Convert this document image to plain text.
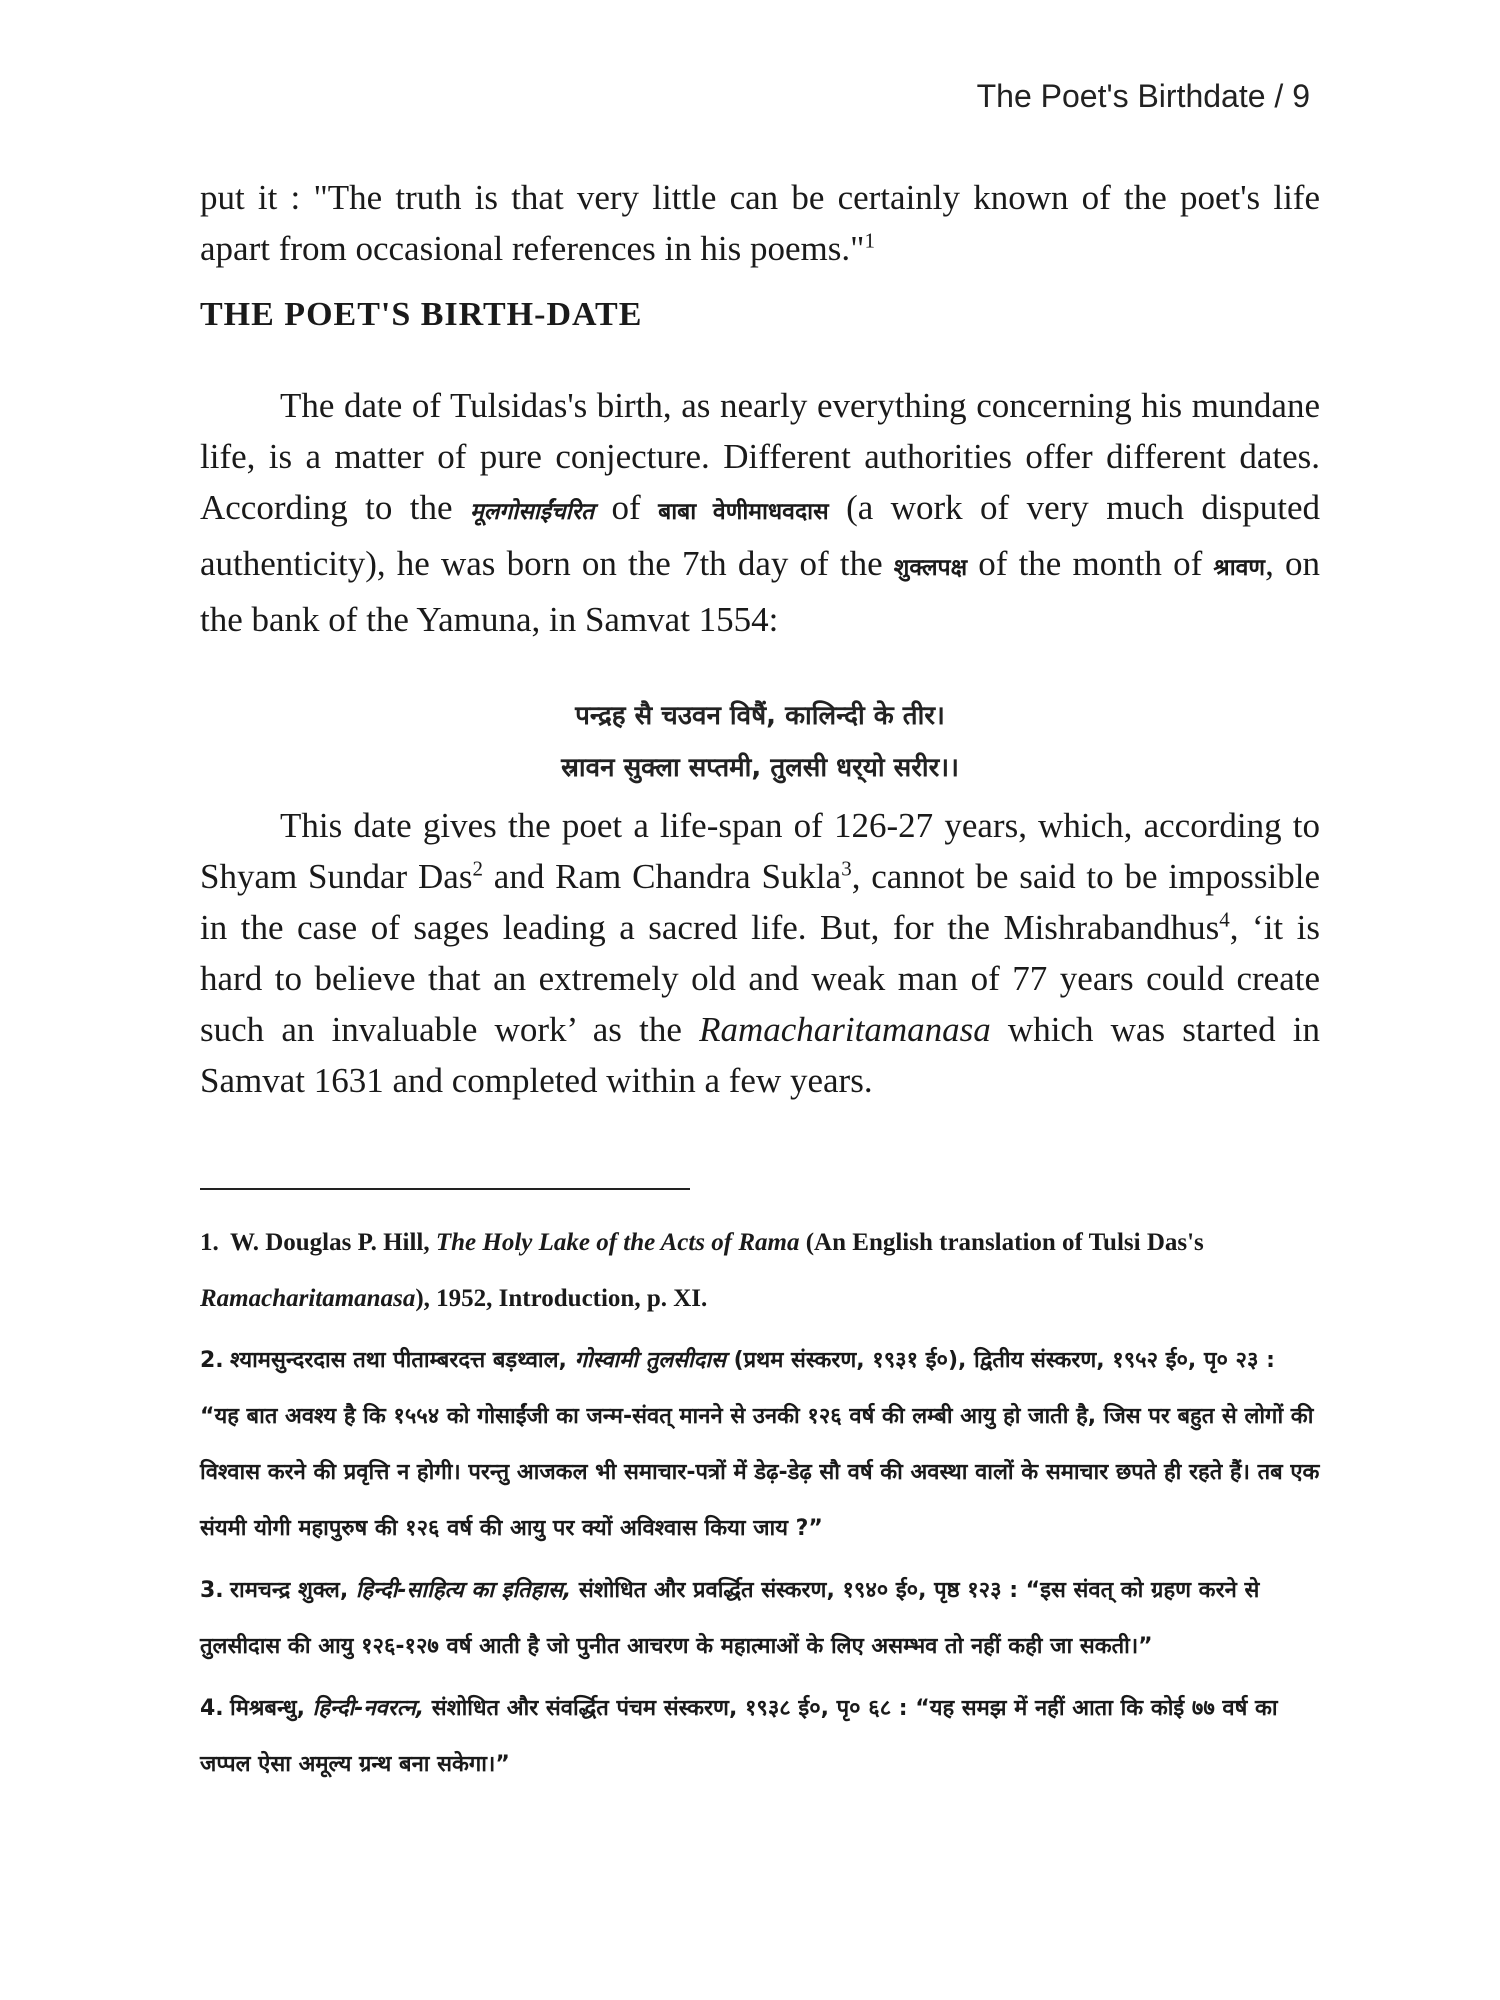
The Poet's Birthdate / 9

put it : "The truth is that very little can be certainly known of the poet's life apart from occasional references in his poems."$^1$

THE POET'S BIRTH-DATE

The date of Tulsidas's birth, as nearly everything concerning his mundane life, is a matter of pure conjecture. Different authorities offer different dates. According to the मूलगोसाईंचरित of बाबा वेणीमाधवदास (a work of very much disputed authenticity), he was born on the 7th day of the शुक्लपक्ष of the month of श्रावण, on the bank of the Yamuna, in Samvat 1554:

पन्द्रह सै चउवन विषैं, कालिन्दी के तीर।
स्रावन सुक्ला सप्तमी, तुलसी धर्‌यो सरीर।।

This date gives the poet a life-span of 126-27 years, which, according to Shyam Sundar Das$^2$ and Ram Chandra Sukla$^3$, cannot be said to be impossible in the case of sages leading a sacred life. But, for the Mishrabandhus$^4$, ‘it is hard to believe that an extremely old and weak man of 77 years could create such an invaluable work’ as the Ramacharitamanasa which was started in Samvat 1631 and completed within a few years.

1. W. Douglas P. Hill, The Holy Lake of the Acts of Rama (An English translation of Tulsi Das's Ramacharitamanasa), 1952, Introduction, p. XI.

2. श्यामसुन्दरदास तथा पीताम्बरदत्त बड़थ्वाल, गोस्वामी तुलसीदास (प्रथम संस्करण, १९३१ ई०), द्वितीय संस्करण, १९५२ ई०, पृ० २३ : “यह बात अवश्य है कि १५५४ को गोसाईंजी का जन्म-संवत् मानने से उनकी १२६ वर्ष की लम्बी आयु हो जाती है, जिस पर बहुत से लोगों की विश्वास करने की प्रवृत्ति न होगी। परन्तु आजकल भी समाचार-पत्रों में डेढ़-डेढ़ सौ वर्ष की अवस्था वालों के समाचार छपते ही रहते हैं। तब एक संयमी योगी महापुरुष की १२६ वर्ष की आयु पर क्यों अविश्वास किया जाय ?”

3. रामचन्द्र शुक्ल, हिन्दी-साहित्य का इतिहास, संशोधित और प्रवर्द्धित संस्करण, १९४० ई०, पृष्ठ १२३ : “इस संवत् को ग्रहण करने से तुलसीदास की आयु १२६-१२७ वर्ष आती है जो पुनीत आचरण के महात्माओं के लिए असम्भव तो नहीं कही जा सकती।”

4. मिश्रबन्धु, हिन्दी-नवरत्न, संशोधित और संवर्द्धित पंचम संस्करण, १९३८ ई०, पृ० ६८ : “यह समझ में नहीं आता कि कोई ७७ वर्ष का जप्पल ऐसा अमूल्य ग्रन्थ बना सकेगा।”
